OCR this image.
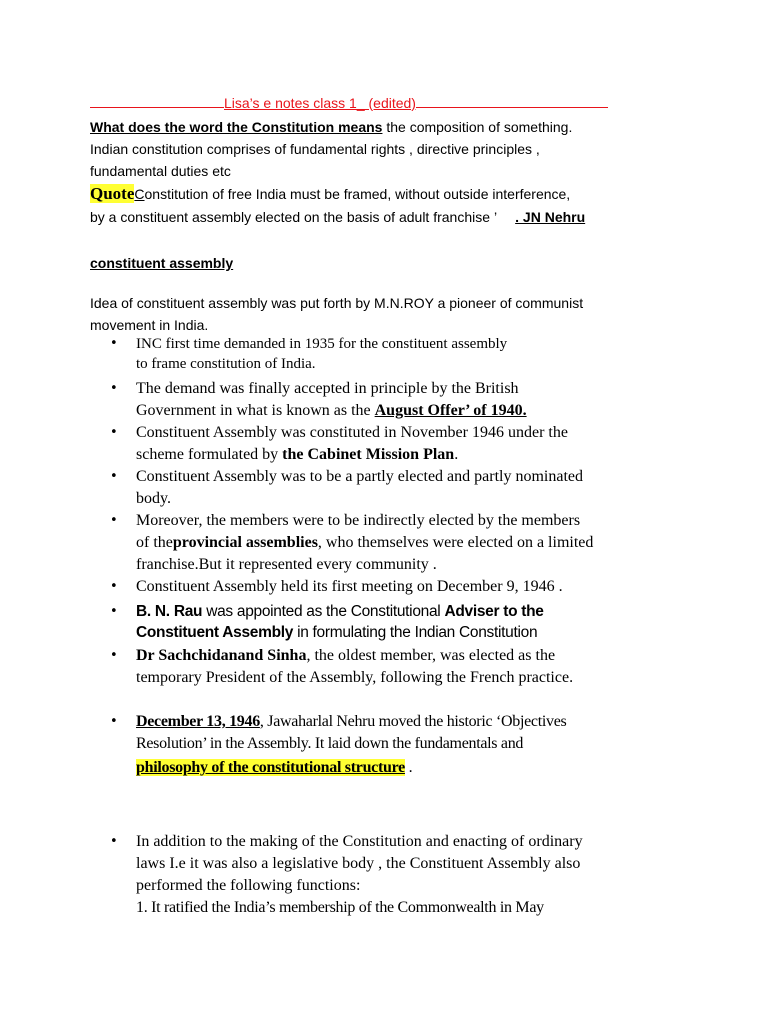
Lisa’s e notes class 1_ (edited)
What does the word the Constitution means the composition of something.
Indian constitution comprises of fundamental rights , directive principles ,
fundamental duties etc
QuoteConstitution of free India must be framed, without outside interference,
by a constituent assembly elected on the basis of adult franchise ’ . JN Nehru
constituent assembly
Idea of constituent assembly was put forth by M.N.ROY a pioneer of communist
movement in India.
• INC first time demanded in 1935 for the constituent assembly
to frame constitution of India.
• The demand was finally accepted in principle by the British
Government in what is known as the August Offer’ of 1940.
• Constituent Assembly was constituted in November 1946 under the
scheme formulated by the Cabinet Mission Plan.
• Constituent Assembly was to be a partly elected and partly nominated
body.
• Moreover, the members were to be indirectly elected by the members
of theprovincial assemblies, who themselves were elected on a limited
franchise.But it represented every community .
• Constituent Assembly held its first meeting on December 9, 1946 .
• B. N. Rau was appointed as the Constitutional Adviser to the
Constituent Assembly in formulating the Indian Constitution
• Dr Sachchidanand Sinha, the oldest member, was elected as the
temporary President of the Assembly, following the French practice.
• December 13, 1946, Jawaharlal Nehru moved the historic ‘Objectives
Resolution’ in the Assembly. It laid down the fundamentals and
philosophy of the constitutional structure .
• In addition to the making of the Constitution and enacting of ordinary
laws I.e it was also a legislative body , the Constituent Assembly also
performed the following functions:
1. It ratified the India’s membership of the Commonwealth in May
